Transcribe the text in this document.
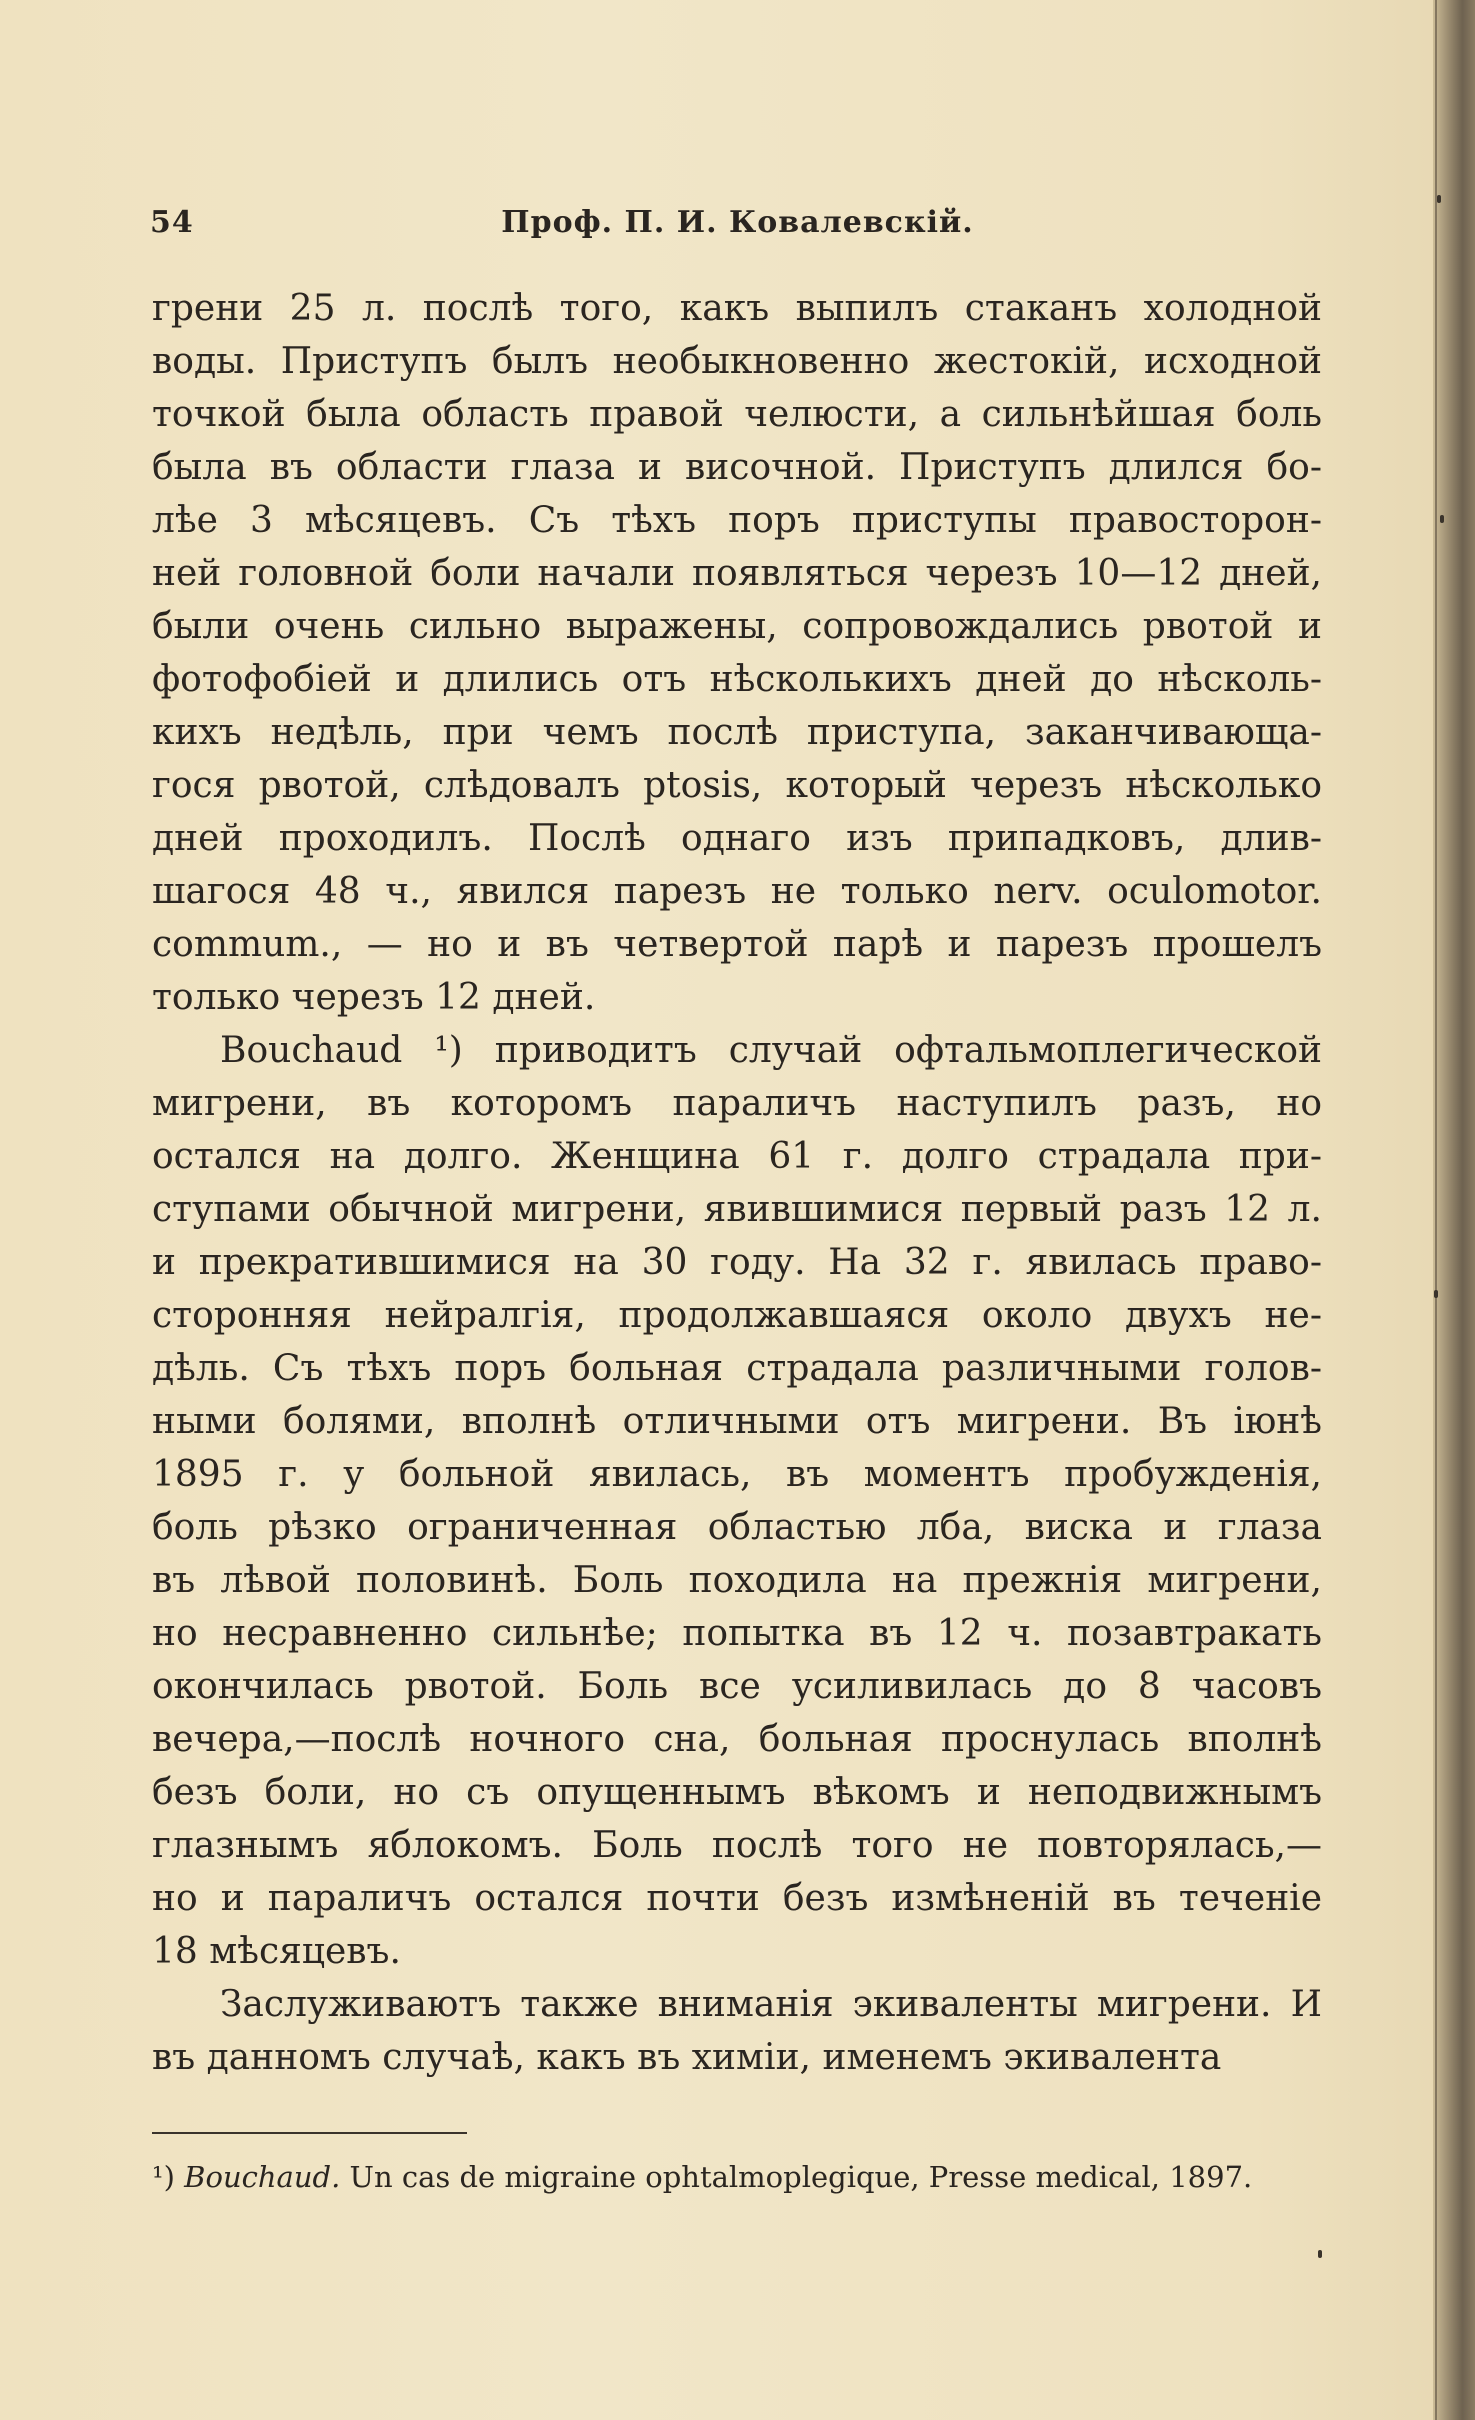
54	Проф. П. И. Ковалевскій.
грени 25 л. послѣ того, какъ выпилъ стаканъ холодной
воды. Приступъ былъ необыкновенно жестокій, исходной
точкой была область правой челюсти, а сильнѣйшая боль
была въ области глаза и височной. Приступъ длился бо-
лѣе 3 мѣсяцевъ. Съ тѣхъ поръ приступы правосторон-
ней головной боли начали появляться черезъ 10—12 дней,
были очень сильно выражены, сопровождались рвотой и
фотофобіей и длились отъ нѣсколькихъ дней до нѣсколь-
кихъ недѣль, при чемъ послѣ приступа, заканчивающа-
гося рвотой, слѣдовалъ ptosis, который черезъ нѣсколько
дней проходилъ. Послѣ однаго изъ припадковъ, длив-
шагося 48 ч., явился парезъ не только nerv. oculomotor.
commum., — но и въ четвертой парѣ и парезъ прошелъ
только черезъ 12 дней.
Bouchaud ¹) приводитъ случай офтальмоплегической
мигрени, въ которомъ параличъ наступилъ разъ, но
остался на долго. Женщина 61 г. долго страдала при-
ступами обычной мигрени, явившимися первый разъ 12 л.
и прекратившимися на 30 году. На 32 г. явилась право-
сторонняя нейралгія, продолжавшаяся около двухъ не-
дѣль. Съ тѣхъ поръ больная страдала различными голов-
ными болями, вполнѣ отличными отъ мигрени. Въ іюнѣ
1895 г. у больной явилась, въ моментъ пробужденія,
боль рѣзко ограниченная областью лба, виска и глаза
въ лѣвой половинѣ. Боль походила на прежнія мигрени,
но несравненно сильнѣе; попытка въ 12 ч. позавтракать
окончилась рвотой. Боль все усиливилась до 8 часовъ
вечера,—послѣ ночного сна, больная проснулась вполнѣ
безъ боли, но съ опущеннымъ вѣкомъ и неподвижнымъ
глазнымъ яблокомъ. Боль послѣ того не повторялась,—
но и параличъ остался почти безъ измѣненій въ теченіе
18 мѣсяцевъ.
Заслуживаютъ также вниманія экиваленты мигрени. И
въ данномъ случаѣ, какъ въ химіи, именемъ экивалента
¹) Bouchaud. Un cas de migraine ophtalmoplegique, Presse medical, 1897.
